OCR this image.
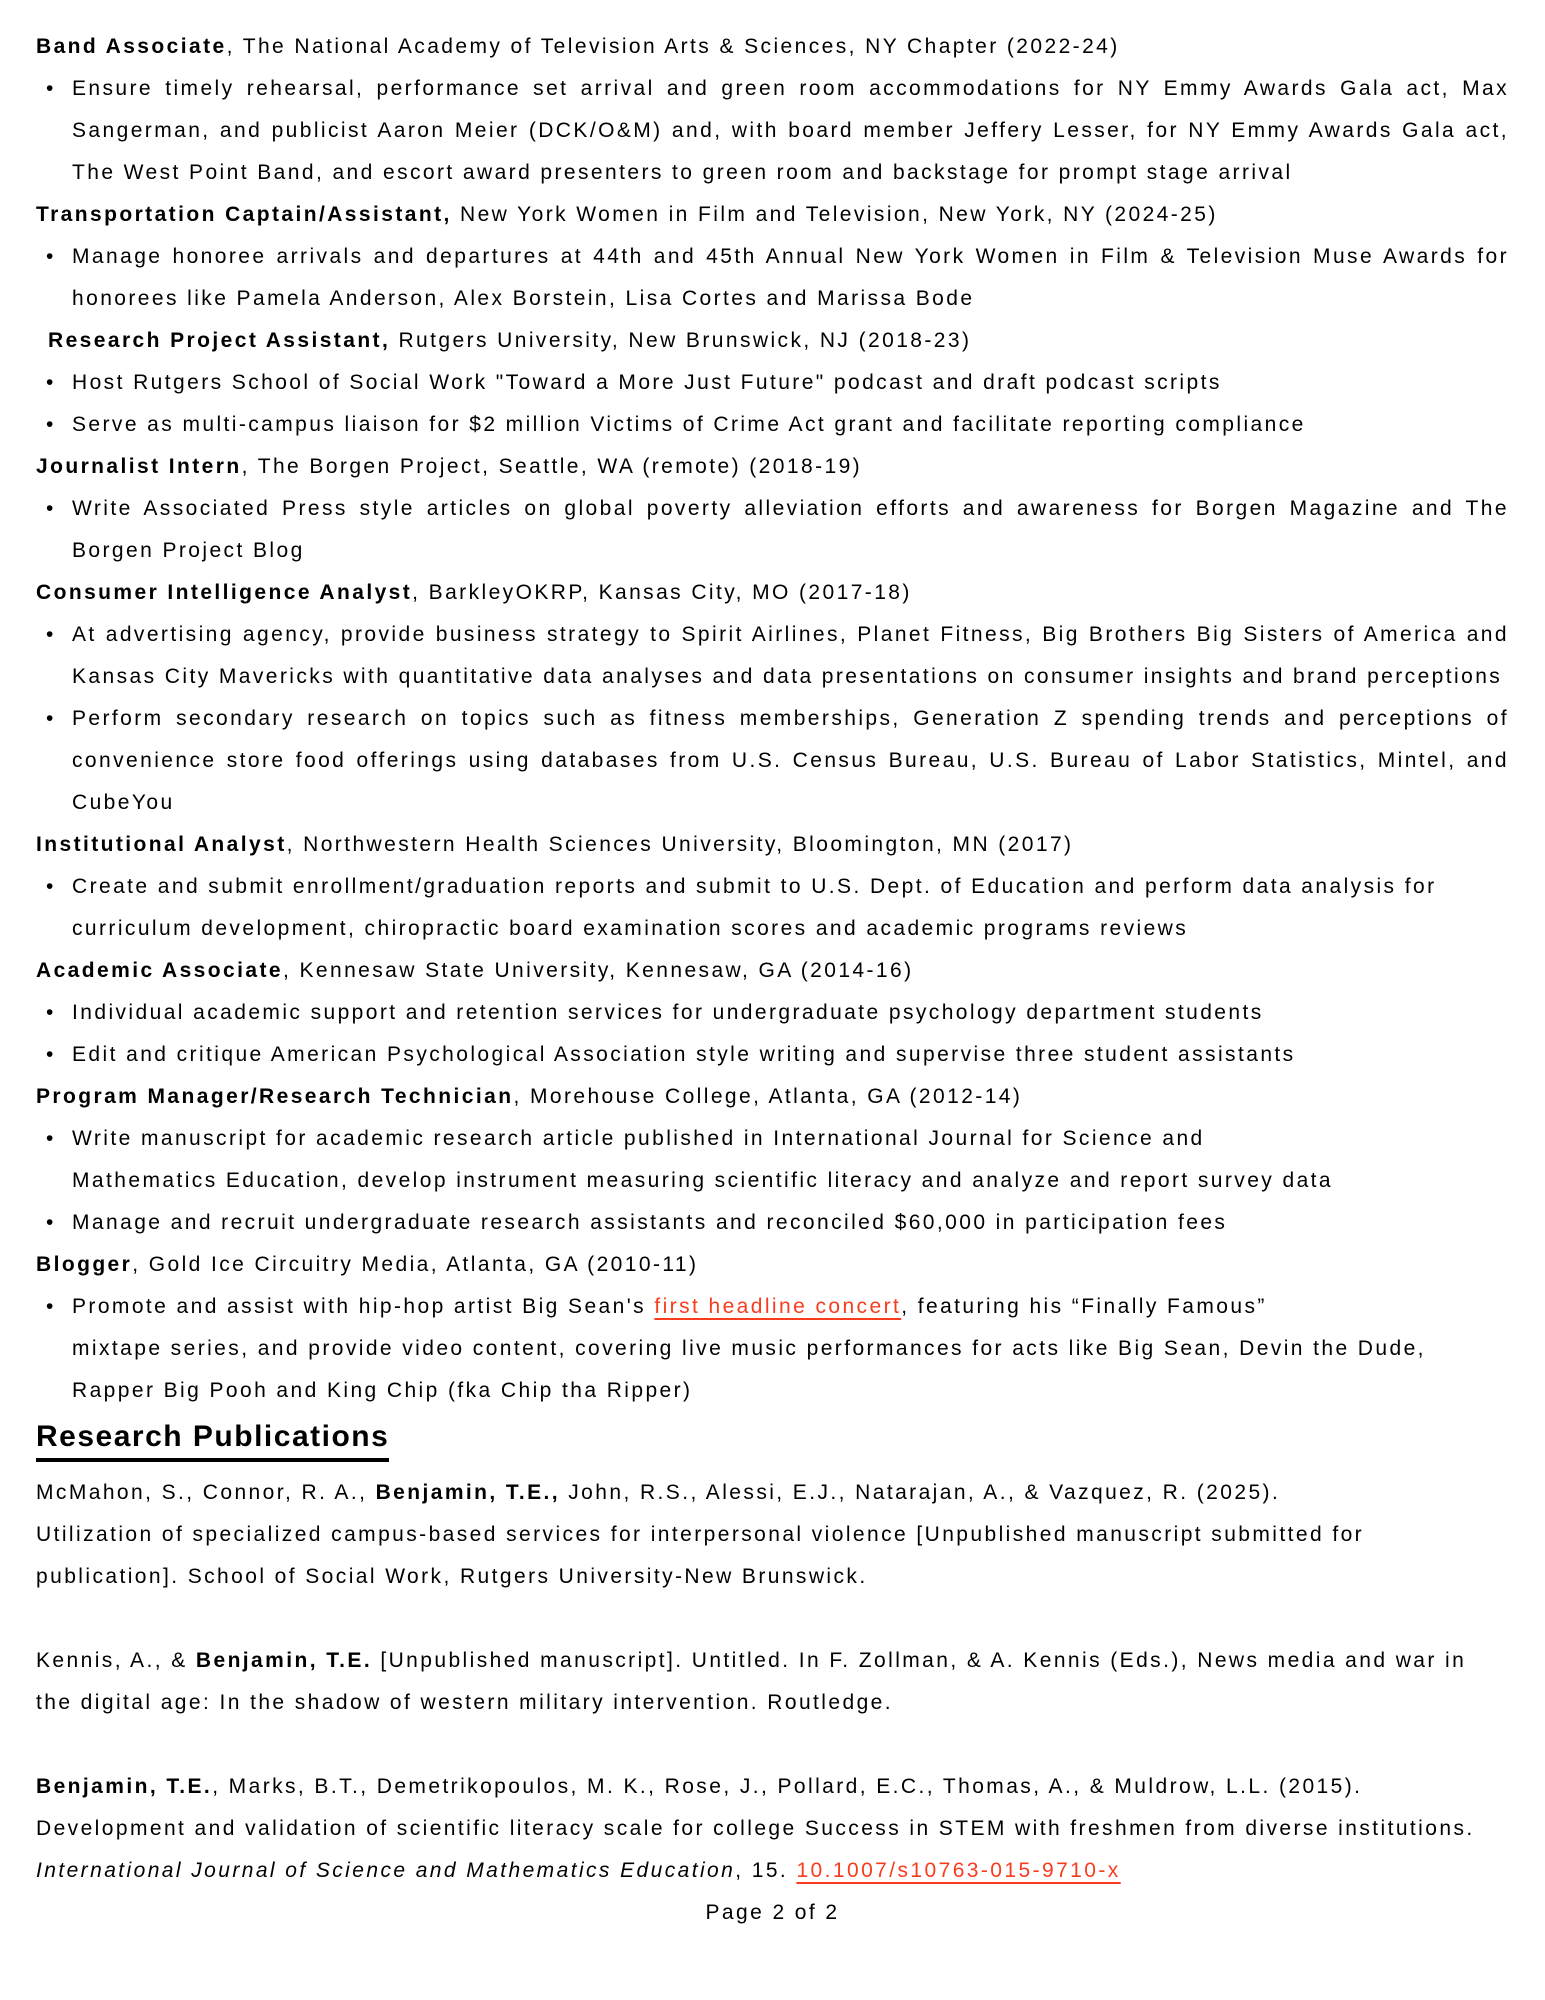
Band Associate, The National Academy of Television Arts & Sciences, NY Chapter (2022-24)

• Ensure timely rehearsal, performance set arrival and green room accommodations for NY Emmy Awards Gala act, Max Sangerman, and publicist Aaron Meier (DCK/O&M) and, with board member Jeffery Lesser, for NY Emmy Awards Gala act, The West Point Band, and escort award presenters to green room and backstage for prompt stage arrival

Transportation Captain/Assistant, New York Women in Film and Television, New York, NY (2024-25)

• Manage honoree arrivals and departures at 44th and 45th Annual New York Women in Film & Television Muse Awards for honorees like Pamela Anderson, Alex Borstein, Lisa Cortes and Marissa Bode

Research Project Assistant, Rutgers University, New Brunswick, NJ (2018-23)

• Host Rutgers School of Social Work "Toward a More Just Future" podcast and draft podcast scripts

• Serve as multi-campus liaison for $2 million Victims of Crime Act grant and facilitate reporting compliance

Journalist Intern, The Borgen Project, Seattle, WA (remote) (2018-19)

• Write Associated Press style articles on global poverty alleviation efforts and awareness for Borgen Magazine and The Borgen Project Blog

Consumer Intelligence Analyst, BarkleyOKRP, Kansas City, MO (2017-18)

• At advertising agency, provide business strategy to Spirit Airlines, Planet Fitness, Big Brothers Big Sisters of America and Kansas City Mavericks with quantitative data analyses and data presentations on consumer insights and brand perceptions

• Perform secondary research on topics such as fitness memberships, Generation Z spending trends and perceptions of convenience store food offerings using databases from U.S. Census Bureau, U.S. Bureau of Labor Statistics, Mintel, and CubeYou

Institutional Analyst, Northwestern Health Sciences University, Bloomington, MN (2017)

• Create and submit enrollment/graduation reports and submit to U.S. Dept. of Education and perform data analysis for curriculum development, chiropractic board examination scores and academic programs reviews

Academic Associate, Kennesaw State University, Kennesaw, GA (2014-16)

• Individual academic support and retention services for undergraduate psychology department students

• Edit and critique American Psychological Association style writing and supervise three student assistants

Program Manager/Research Technician, Morehouse College, Atlanta, GA (2012-14)

• Write manuscript for academic research article published in International Journal for Science and
Mathematics Education, develop instrument measuring scientific literacy and analyze and report survey data

• Manage and recruit undergraduate research assistants and reconciled $60,000 in participation fees

Blogger, Gold Ice Circuitry Media, Atlanta, GA (2010-11)

• Promote and assist with hip-hop artist Big Sean's first headline concert, featuring his “Finally Famous”
mixtape series, and provide video content, covering live music performances for acts like Big Sean, Devin the Dude, Rapper Big Pooh and King Chip (fka Chip tha Ripper)

Research Publications

McMahon, S., Connor, R. A., Benjamin, T.E., John, R.S., Alessi, E.J., Natarajan, A., & Vazquez, R. (2025).
Utilization of specialized campus-based services for interpersonal violence [Unpublished manuscript submitted for publication]. School of Social Work, Rutgers University-New Brunswick.

Kennis, A., & Benjamin, T.E. [Unpublished manuscript]. Untitled. In F. Zollman, & A. Kennis (Eds.), News media and war in the digital age: In the shadow of western military intervention. Routledge.

Benjamin, T.E., Marks, B.T., Demetrikopoulos, M. K., Rose, J., Pollard, E.C., Thomas, A., & Muldrow, L.L. (2015). Development and validation of scientific literacy scale for college Success in STEM with freshmen from diverse institutions. International Journal of Science and Mathematics Education, 15. 10.1007/s10763-015-9710-x

Page 2 of 2
